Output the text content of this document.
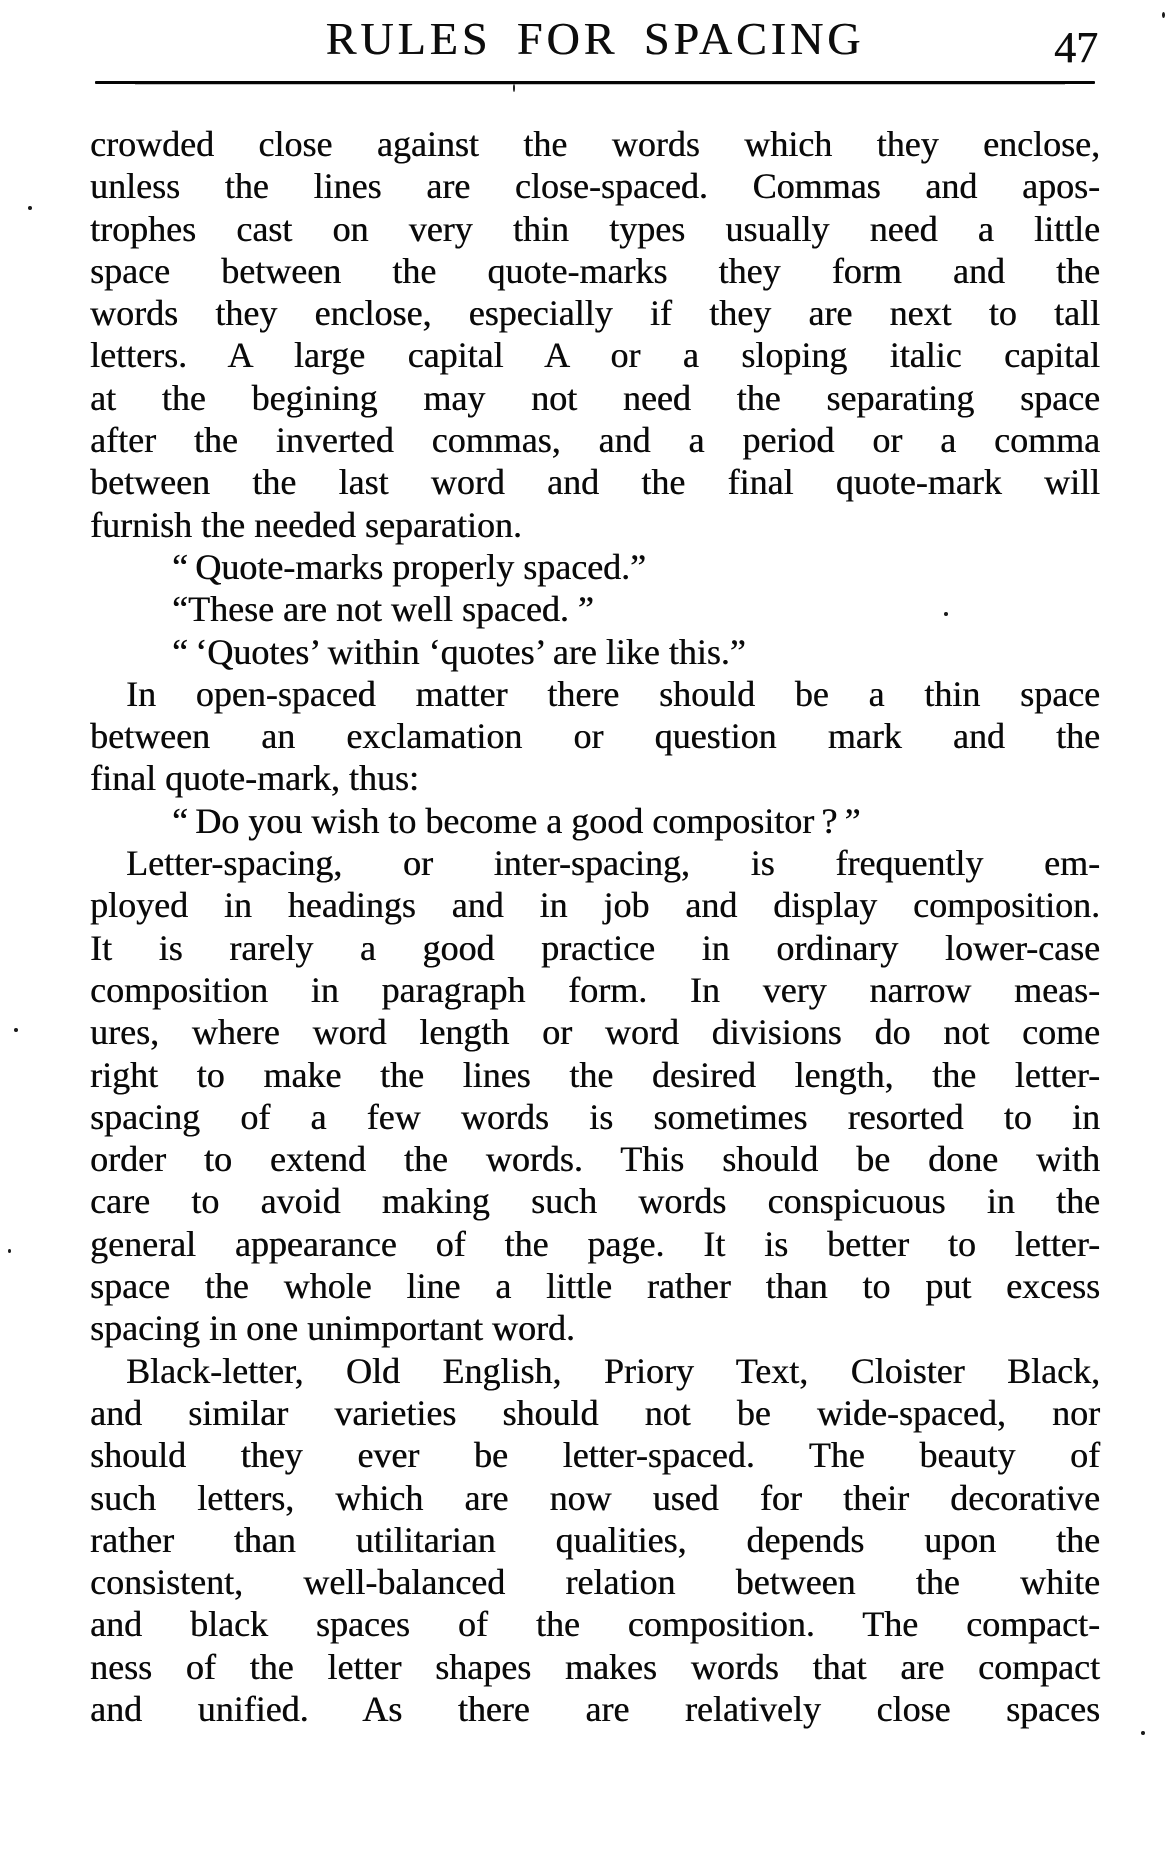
RULES FOR SPACING	47
crowded close against the words which they enclose,
unless the lines are close-spaced. Commas and apos-
trophes cast on very thin types usually need a little
space between the quote-marks they form and the
words they enclose, especially if they are next to tall
letters. A large capital A or a sloping italic capital
at the begining may not need the separating space
after the inverted commas, and a period or a comma
between the last word and the final quote-mark will
furnish the needed separation.
“ Quote-marks properly spaced.”
“These are not well spaced. ”
“ ‘Quotes’ within ‘quotes’ are like this.”
In open-spaced matter there should be a thin space
between an exclamation or question mark and the
final quote-mark, thus:
“ Do you wish to become a good compositor ? ”
Letter-spacing, or inter-spacing, is frequently em-
ployed in headings and in job and display composition.
It is rarely a good practice in ordinary lower-case
composition in paragraph form. In very narrow meas-
ures, where word length or word divisions do not come
right to make the lines the desired length, the letter-
spacing of a few words is sometimes resorted to in
order to extend the words. This should be done with
care to avoid making such words conspicuous in the
general appearance of the page. It is better to letter-
space the whole line a little rather than to put excess
spacing in one unimportant word.
Black-letter, Old English, Priory Text, Cloister Black,
and similar varieties should not be wide-spaced, nor
should they ever be letter-spaced. The beauty of
such letters, which are now used for their decorative
rather than utilitarian qualities, depends upon the
consistent, well-balanced relation between the white
and black spaces of the composition. The compact-
ness of the letter shapes makes words that are compact
and unified. As there are relatively close spaces
